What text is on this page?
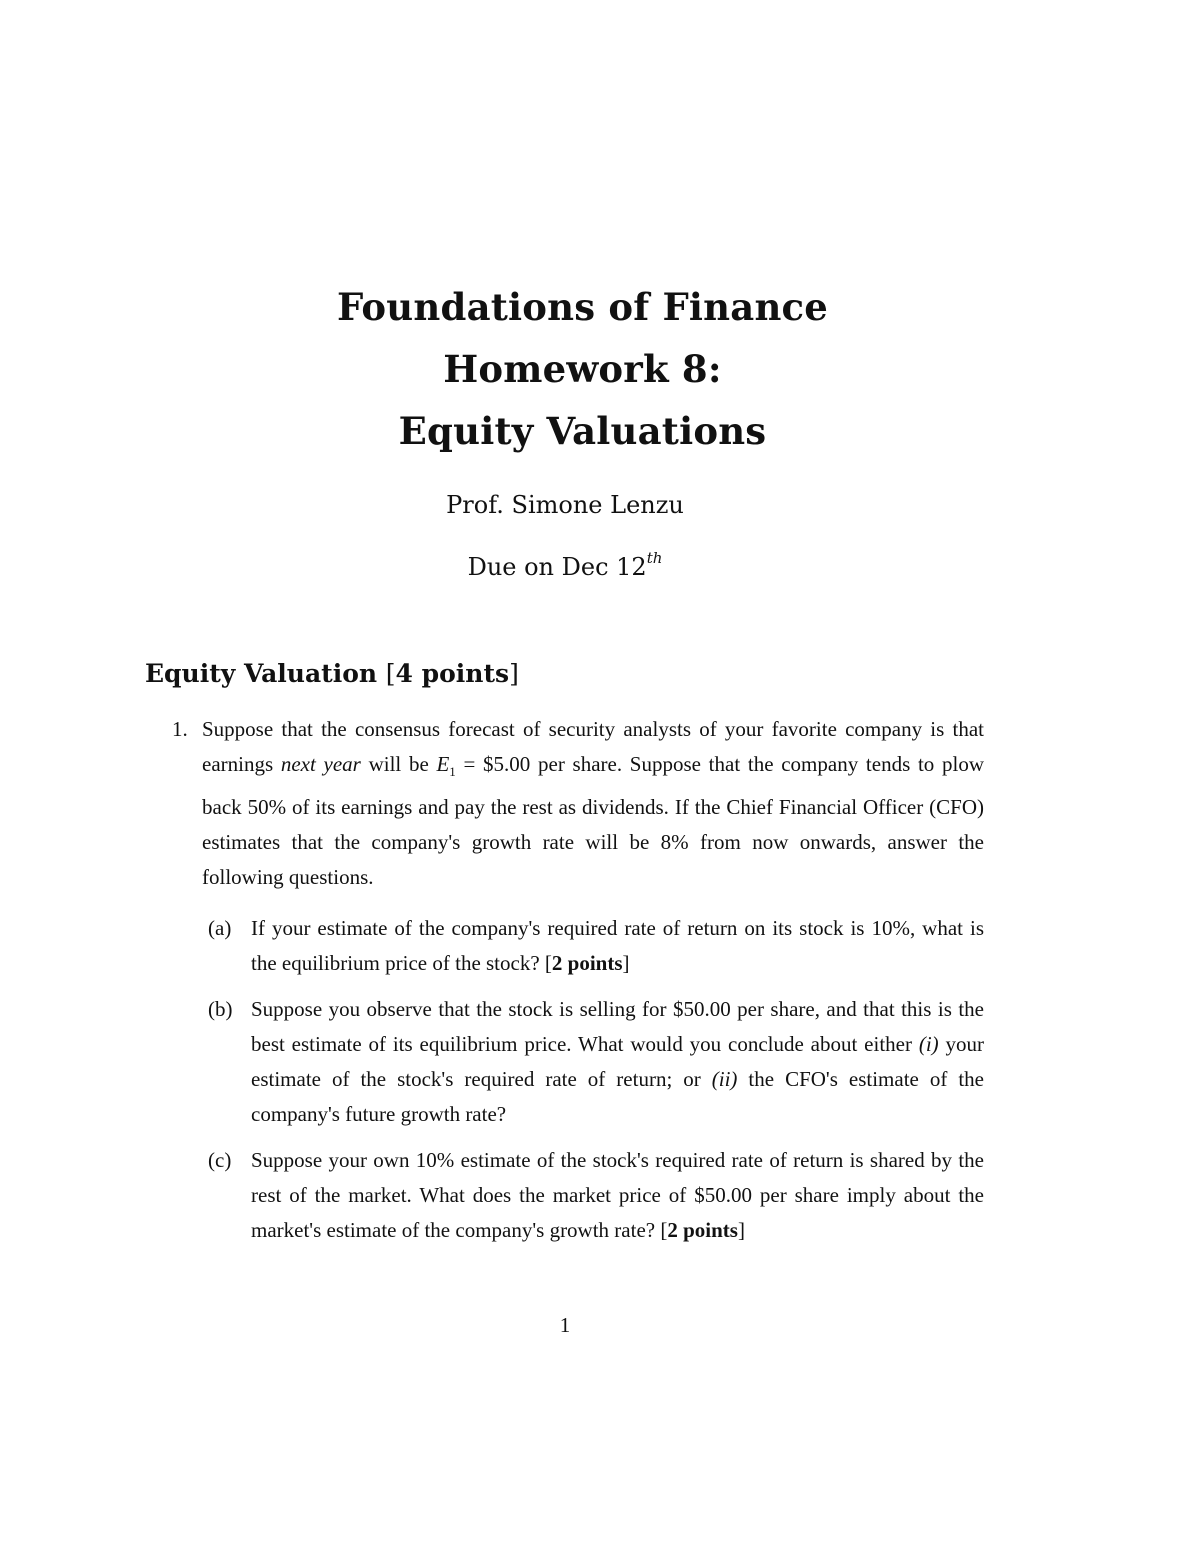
Foundations of Finance
Homework 8:
Equity Valuations
Prof. Simone Lenzu
Due on Dec 12th
Equity Valuation [4 points]
1. Suppose that the consensus forecast of security analysts of your favorite company is that earnings next year will be $E_1$ = $5.00 per share. Suppose that the company tends to plow back 50% of its earnings and pay the rest as dividends. If the Chief Financial Officer (CFO) estimates that the company's growth rate will be 8% from now onwards, answer the following questions.
(a) If your estimate of the company's required rate of return on its stock is 10%, what is the equilibrium price of the stock? [2 points]
(b) Suppose you observe that the stock is selling for $50.00 per share, and that this is the best estimate of its equilibrium price. What would you conclude about either (i) your estimate of the stock's required rate of return; or (ii) the CFO's estimate of the company's future growth rate?
(c) Suppose your own 10% estimate of the stock's required rate of return is shared by the rest of the market. What does the market price of $50.00 per share imply about the market's estimate of the company's growth rate? [2 points]
1
